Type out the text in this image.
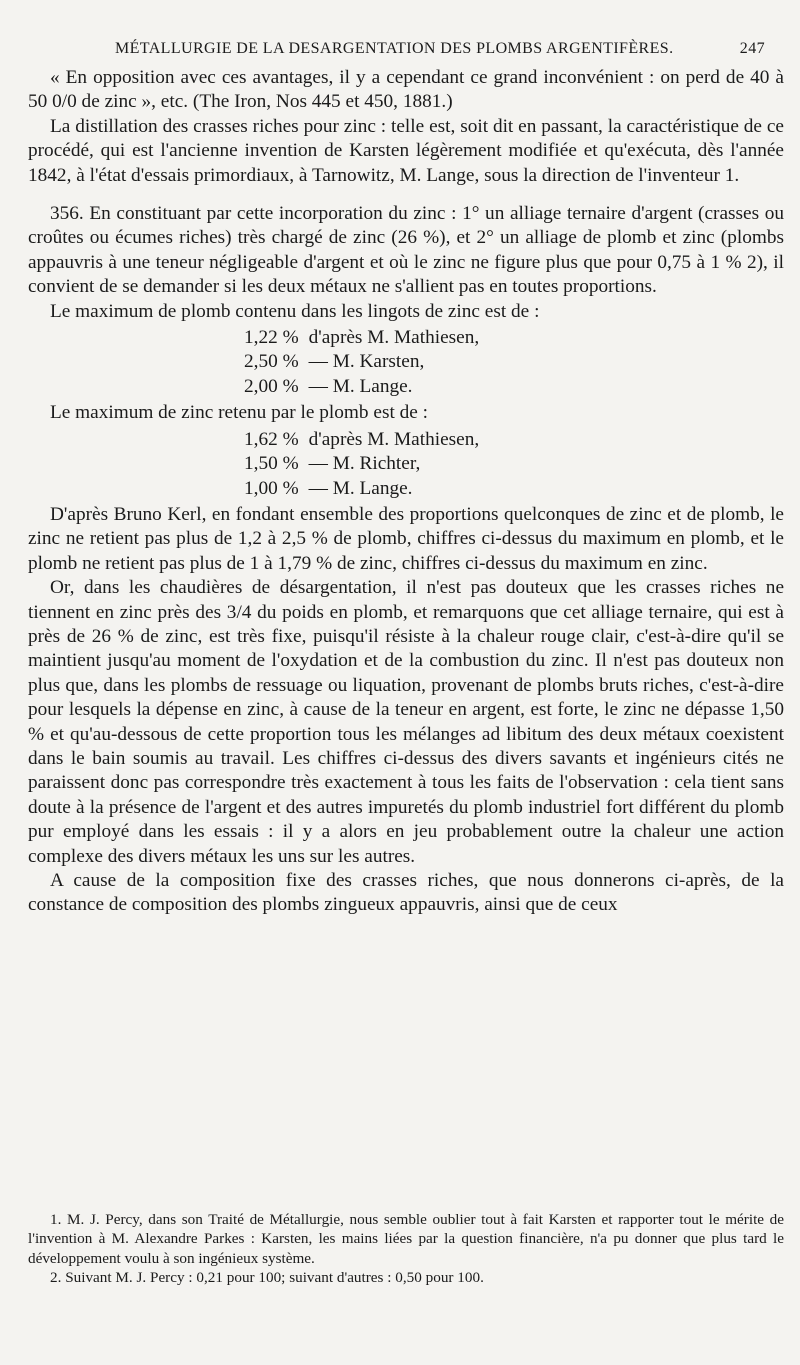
MÉTALLURGIE DE LA DESARGENTATION DES PLOMBS ARGENTIFÈRES.	247

« En opposition avec ces avantages, il y a cependant ce grand inconvénient : on perd de 40 à 50 0/0 de zinc », etc. (The Iron, Nos 445 et 450, 1881.)

La distillation des crasses riches pour zinc : telle est, soit dit en passant, la caractéristique de ce procédé, qui est l'ancienne invention de Karsten légèrement modifiée et qu'exécuta, dès l'année 1842, à l'état d'essais primordiaux, à Tarnowitz, M. Lange, sous la direction de l'inventeur 1.

356. En constituant par cette incorporation du zinc : 1° un alliage ternaire d'argent (crasses ou croûtes ou écumes riches) très chargé de zinc (26 %), et 2° un alliage de plomb et zinc (plombs appauvris à une teneur négligeable d'argent et où le zinc ne figure plus que pour 0,75 à 1 % 2), il convient de se demander si les deux métaux ne s'allient pas en toutes proportions.

Le maximum de plomb contenu dans les lingots de zinc est de :

1,22 %	d'après M. Mathiesen,
2,50 %	— M. Karsten,
2,00 %	— M. Lange.

Le maximum de zinc retenu par le plomb est de :

1,62 %	d'après M. Mathiesen,
1,50 %	— M. Richter,
1,00 %	— M. Lange.

D'après Bruno Kerl, en fondant ensemble des proportions quelconques de zinc et de plomb, le zinc ne retient pas plus de 1,2 à 2,5 % de plomb, chiffres ci-dessus du maximum en plomb, et le plomb ne retient pas plus de 1 à 1,79 % de zinc, chiffres ci-dessus du maximum en zinc.

Or, dans les chaudières de désargentation, il n'est pas douteux que les crasses riches ne tiennent en zinc près des 3/4 du poids en plomb, et remarquons que cet alliage ternaire, qui est à près de 26 % de zinc, est très fixe, puisqu'il résiste à la chaleur rouge clair, c'est-à-dire qu'il se maintient jusqu'au moment de l'oxydation et de la combustion du zinc. Il n'est pas douteux non plus que, dans les plombs de ressuage ou liquation, provenant de plombs bruts riches, c'est-à-dire pour lesquels la dépense en zinc, à cause de la teneur en argent, est forte, le zinc ne dépasse 1,50 % et qu'au-dessous de cette proportion tous les mélanges ad libitum des deux métaux coexistent dans le bain soumis au travail. Les chiffres ci-dessus des divers savants et ingénieurs cités ne paraissent donc pas correspondre très exactement à tous les faits de l'observation : cela tient sans doute à la présence de l'argent et des autres impuretés du plomb industriel fort différent du plomb pur employé dans les essais : il y a alors en jeu probablement outre la chaleur une action complexe des divers métaux les uns sur les autres.

A cause de la composition fixe des crasses riches, que nous donnerons ci-après, de la constance de composition des plombs zingueux appauvris, ainsi que de ceux

1. M. J. Percy, dans son Traité de Métallurgie, nous semble oublier tout à fait Karsten et rapporter tout le mérite de l'invention à M. Alexandre Parkes : Karsten, les mains liées par la question financière, n'a pu donner que plus tard le développement voulu à son ingénieux système.

2. Suivant M. J. Percy : 0,21 pour 100; suivant d'autres : 0,50 pour 100.
